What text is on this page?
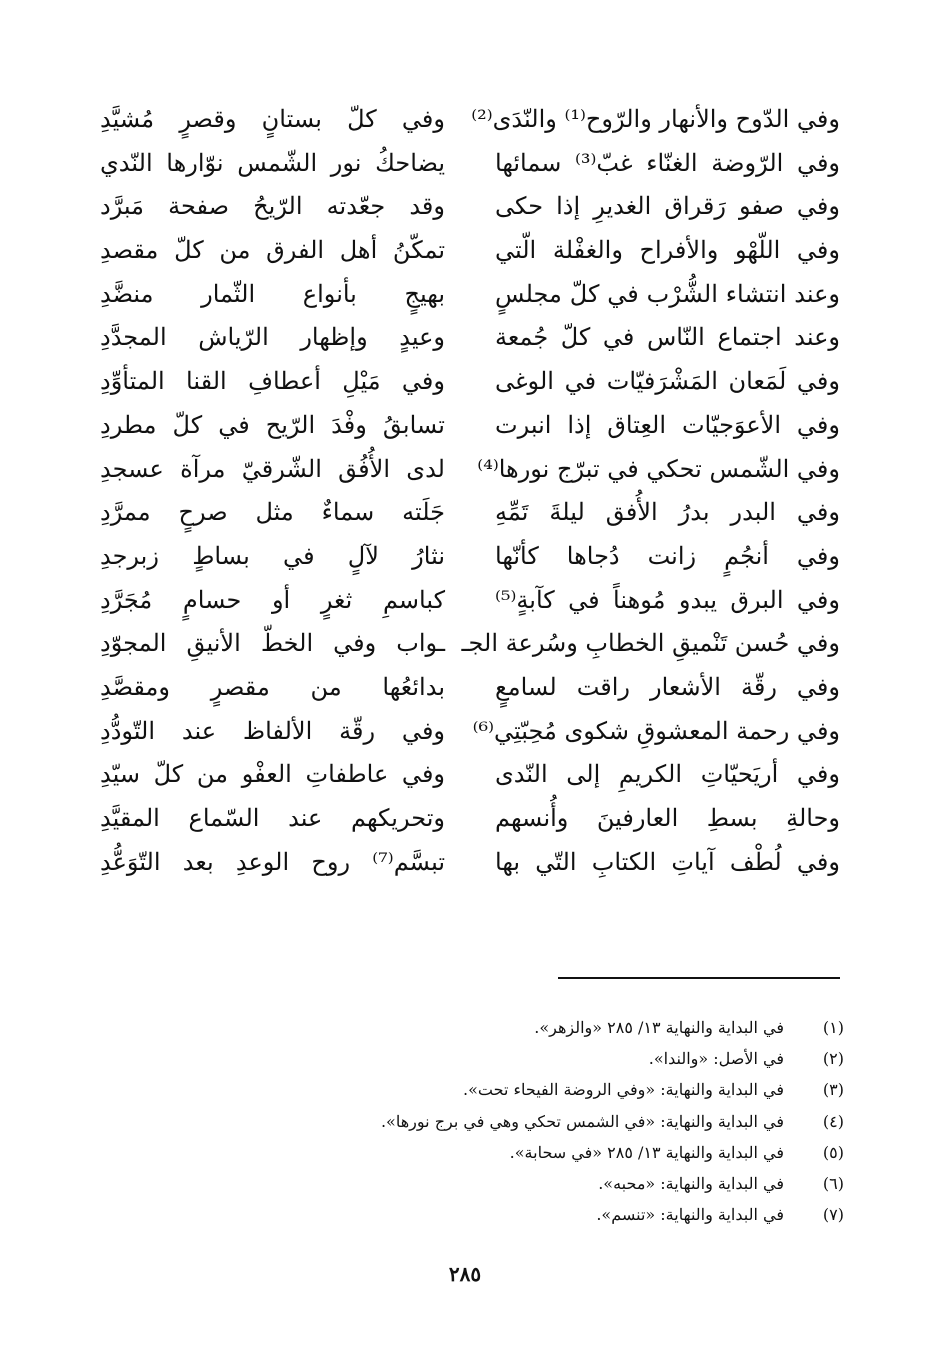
وفي الدّوح والأنهار والرّوح⁽¹⁾ والنّدَى⁽²⁾
وفي الرّوضة الغنّاء غبّ⁽³⁾ سمائها
وفي صفو رَقراق الغديرِ إذا حكى
وفي اللّهْو والأفراح والغفْلة الّتي
وعند انتشاء الشُّرْب في كلّ مجلسٍ
وعند اجتماع النّاس في كلّ جُمعة
وفي لَمَعان المَشْرَفيّات في الوغى
وفي الأعوَجيّات العِتاق إذا انبرت
وفي الشّمس تحكي في تبرّج نورها⁽⁴⁾
وفي البدر بدرُ الأُفق ليلةَ تَمِّهِ
وفي أنجُمٍ زانت دُجاها كأنّها
وفي البرق يبدو مُوهناً في كآبةٍ⁽⁵⁾
وفي حُسن تَنْميقِ الخطابِ وسُرعة الجـ
وفي رقّة الأشعار راقت لسامعٍ
وفي رحمة المعشوقِ شكوى مُحِبّتِي⁽⁶⁾
وفي أريَحيّاتِ الكريمِ إلى النّدى
وحالةِ بسطِ العارفينَ وأُنسهم
وفي لُطْف آياتِ الكتابِ التّي بها
وفي كلّ بستانٍ وقصرٍ مُشيَّدِ
يضاحكُ نور الشّمس نوّارها النّدي
وقد جعّدته الرّيحُ صفحة مَبرَّد
تمكّنُ أهل الفرق من كلّ مقصدِ
بهيجٍ بأنواع الثّمار منضَّدِ
وعيدٍ وإظهار الرّياش المجدَّدِ
وفي مَيْلِ أعطافِ القنا المتأوِّدِ
تسابقُ وفْدَ الرّيح في كلّ مطردِ
لدى الأُفُق الشّرقيّ مرآة عسجدِ
جَلَته سماءٌ مثل صرحٍ ممرَّدِ
نثارُ لآلٍ في بساطٍ زبرجدِ
كباسمِ ثغرٍ أو حسامٍ مُجَرَّدِ
ـواب وفي الخطّ الأنيقِ المجوّدِ
بدائعُها من مقصرٍ ومقصَّدِ
وفي رقّة الألفاظ عند التّودُّدِ
وفي عاطفاتِ العفْو من كلّ سيّدِ
وتحريكهم عند السّماع المقيَّدِ
تبسَّم⁽⁷⁾ روح الوعدِ بعد التّوَعُّدِ
(١)
في البداية والنهاية ١٣/ ٢٨٥ «والزهر».
(٢)
في الأصل: «والندا».
(٣)
في البداية والنهاية: «وفي الروضة الفيحاء تحت».
(٤)
في البداية والنهاية: «في الشمس تحكي وهي في برج نورها».
(٥)
في البداية والنهاية ١٣/ ٢٨٥ «في سحابة».
(٦)
في البداية والنهاية: «محبه».
(٧)
في البداية والنهاية: «تنسم».
٢٨٥
